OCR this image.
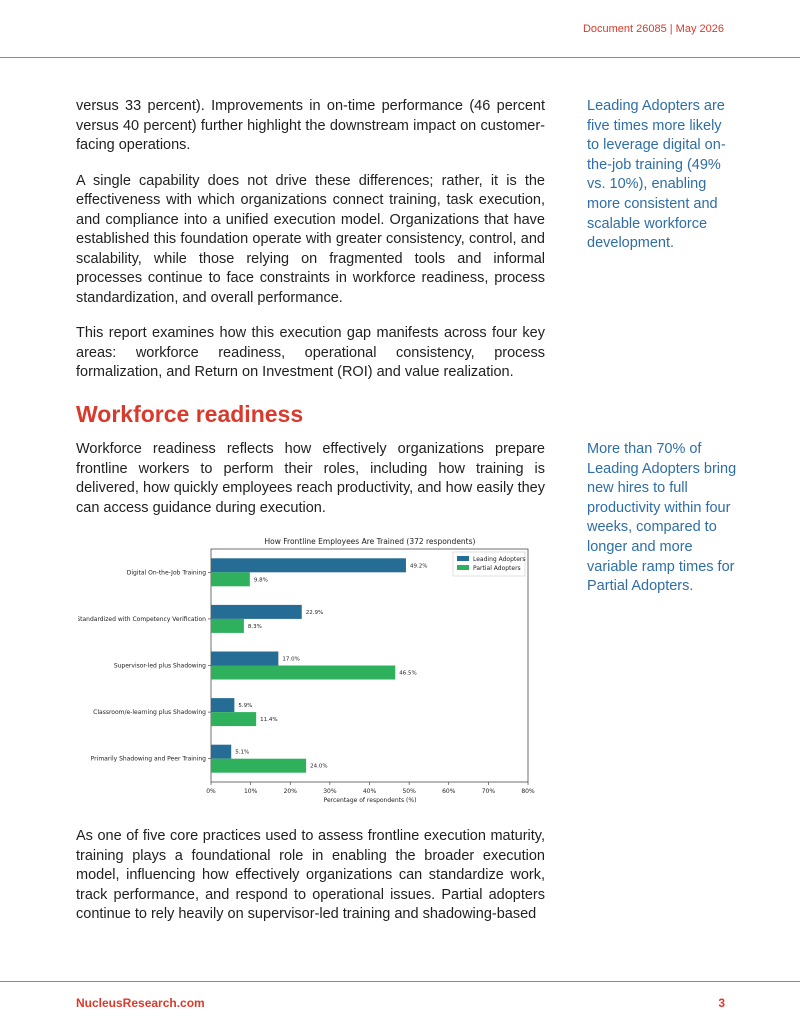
Document 26085 | May 2026

versus 33 percent). Improvements in on-time performance (46 percent versus 40 percent) further highlight the downstream impact on customer-facing operations.

A single capability does not drive these differences; rather, it is the effectiveness with which organizations connect training, task execution, and compliance into a unified execution model. Organizations that have established this foundation operate with greater consistency, control, and scalability, while those relying on fragmented tools and informal processes continue to face constraints in workforce readiness, process standardization, and overall performance.

This report examines how this execution gap manifests across four key areas: workforce readiness, operational consistency, process formalization, and Return on Investment (ROI) and value realization.

Leading Adopters are five times more likely to leverage digital on-the-job training (49% vs. 10%), enabling more consistent and scalable workforce development.
Workforce readiness

Workforce readiness reflects how effectively organizations prepare frontline workers to perform their roles, including how training is delivered, how quickly employees reach productivity, and how easily they can access guidance during execution.

More than 70% of Leading Adopters bring new hires to full productivity within four weeks, compared to longer and more variable ramp times for Partial Adopters.
How Frontline Employees Are Trained (372 respondents)
0%	10%	20%	30%	40%	50%	60%	70%	80%
Digital On-the-Job Training
49.2%
9.8%
Standardized with Competency Verification
22.9%
8.3%
Supervisor-led plus Shadowing
17.0%
46.5%
Classroom/e-learning plus Shadowing
5.9%
11.4%
Primarily Shadowing and Peer Training
5.1%
24.0%
Leading Adopters
Partial Adopters
Percentage of respondents (%)

As one of five core practices used to assess frontline execution maturity, training plays a foundational role in enabling the broader execution model, influencing how effectively organizations can standardize work, track performance, and respond to operational issues. Partial adopters continue to rely heavily on supervisor-led training and shadowing-based

NucleusResearch.com	3
